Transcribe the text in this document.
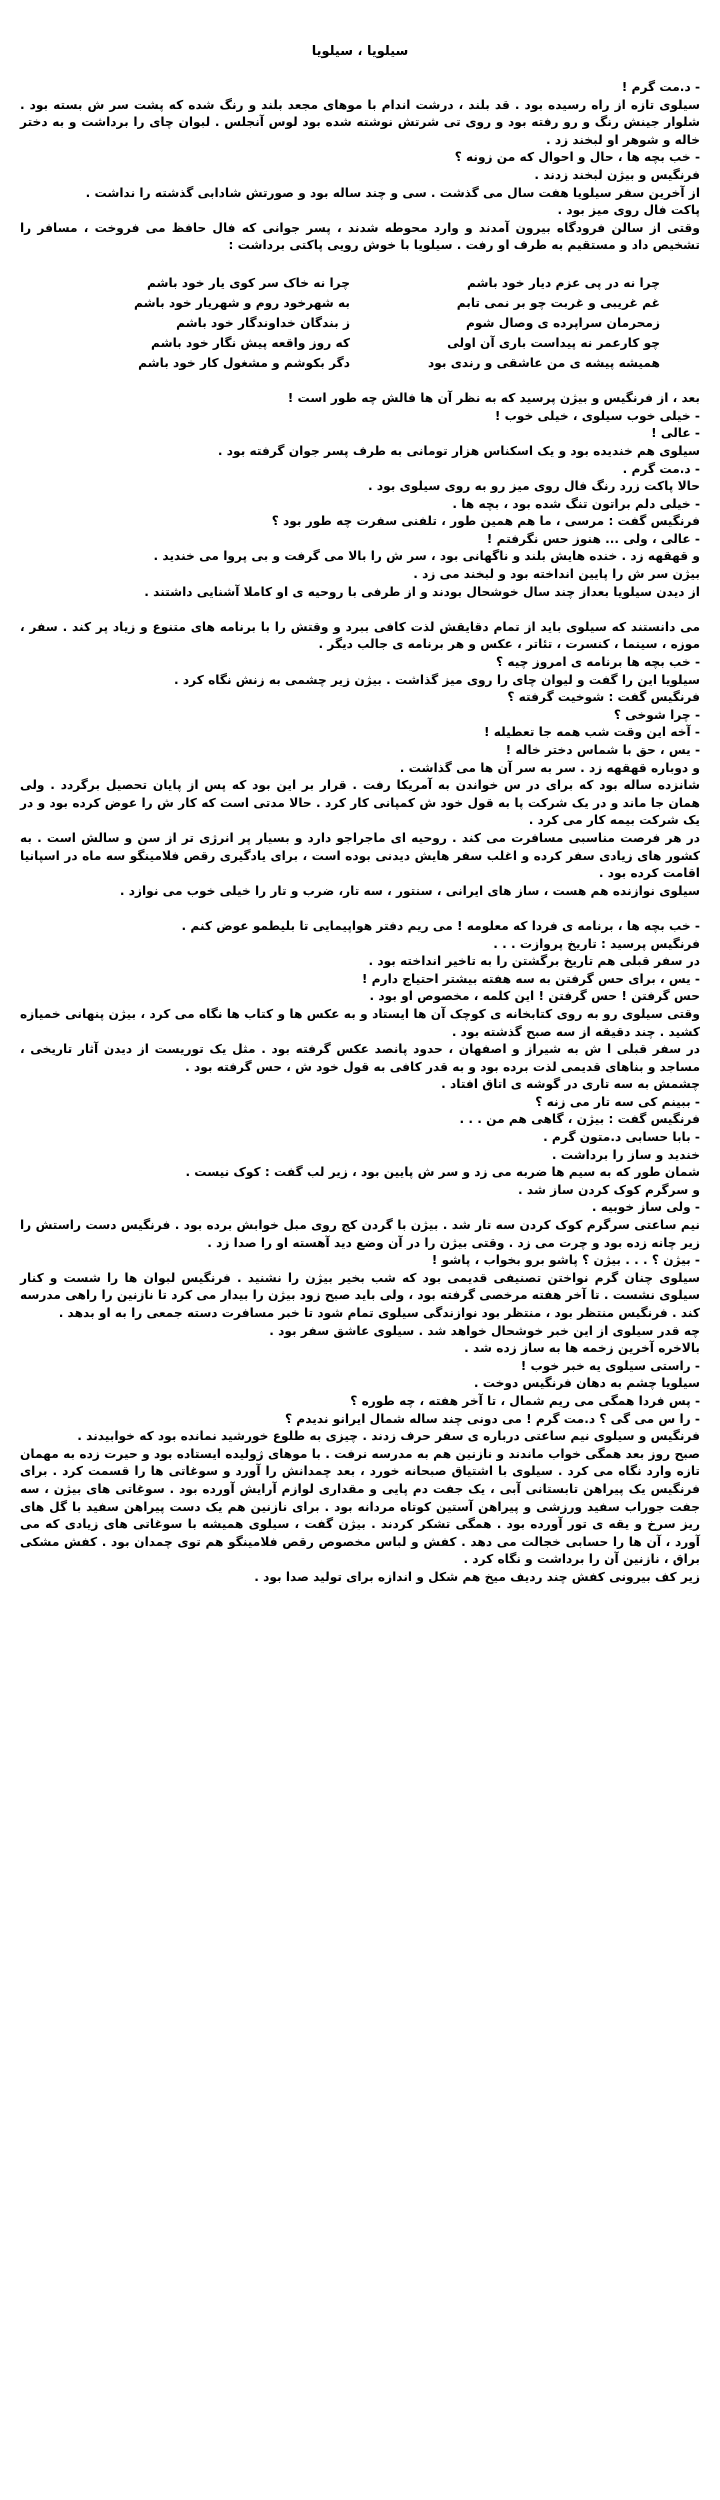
سیلویا ، سیلویا

- د.مت گرم !

سیلوی تازه از راه رسیده بود . قد بلند ، درشت اندام با موهای مجعد بلند و رنگ شده که پشت سر ش بسته بود . شلوار جینش رنگ و رو رفته بود و روی تی شرتش نوشته شده بود لوس آنجلس . لبوان چای را برداشت و به دختر خاله و شوهر او لبخند زد .

- خب بچه ها ، حال و احوال که من زونه ؟

فرنگیس و بیژن لبخند زدند .

از آخرین سفر سیلویا هفت سال می گذشت . سی و چند ساله بود و صورتش شادابی گذشته را نداشت .

پاکت فال روی میز بود .

وقتی از سالن فرودگاه بیرون آمدند و وارد محوطه شدند ، پسر جوانی که فال حافظ می فروخت ، مسافر را تشخیص داد و مستقیم به طرف او رفت . سیلویا با خوش رویی پاکتی برداشت :

چرا نه در پی عزم دیار خود باشم
چرا نه خاک سر کوی یار خود باشم
غم غریبی و غربت چو بر نمی تابم
به شهرخود روم و شهریار خود باشم
زمحرمان سراپرده ی وصال شوم
ز بندگان خداوندگار خود باشم
چو کارعمر نه پیداست باری آن اولی
که روز واقعه پیش نگار خود باشم
همیشه پیشه ی من عاشقی و رندی بود
دگر بکوشم و مشغول کار خود باشم

بعد ، از فرنگیس و بیژن پرسید که به نظر آن ها فالش چه طور است !

- خیلی خوب سیلوی ، خیلی خوب !

- عالی !

سیلوی هم خندیده بود و یک اسکناس هزار تومانی به طرف پسر جوان گرفته بود .

- د.مت گرم .

حالا پاکت زرد رنگ فال روی میز رو به روی سیلوی بود .

- خیلی دلم براتون تنگ شده بود ، بچه ها .

فرنگیس گفت : مرسی ، ما هم همین طور ، تلفنی سفرت چه طور بود ؟

- عالی ، ولی ... هنوز حس نگرفتم !

و قهقهه زد . خنده هایش بلند و ناگهانی بود ، سر ش را بالا می گرفت و بی پروا می خندید .

بیژن سر ش را پایین انداخته بود و لبخند می زد .

از دیدن سیلویا بعداز چند سال خوشحال بودند و از طرفی با روحیه ی او کاملا آشنایی داشتند .

می دانستند که سیلوی باید از تمام دقایقش لذت کافی ببرد و وقتش را با برنامه های متنوع و زیاد پر کند . سفر ، موزه ، سینما ، کنسرت ، تئاتر ، عکس و هر برنامه ی جالب دیگر .

- خب بچه ها برنامه ی امروز چیه ؟

سیلویا این را گفت و لیوان چای را روی میز گذاشت . بیژن زیر چشمی به زنش نگاه کرد .

فرنگیس گفت : شوخیت گرفته ؟

- چرا شوخی ؟

- آخه این وقت شب همه جا تعطیله !

- یس ، حق با شماس دختر خاله !

و دوباره قهقهه زد . سر به سر آن ها می گذاشت .

شانزده ساله بود که برای در س خواندن به آمریکا رفت . قرار بر این بود که پس از پایان تحصیل برگردد . ولی همان جا ماند و در یک شرکت پا به قول خود ش کمپانی کار کرد . حالا مدتی است که کار ش را عوض کرده بود و در یک شرکت بیمه کار می کرد .

در هر فرصت مناسبی مسافرت می کند . روحیه ای ماجراجو دارد و بسیار پر انرژی تر از سن و سالش است . به کشور های زیادی سفر کرده و اغلب سفر هایش دیدنی بوده است ، برای یادگیری رقص فلامینگو سه ماه در اسپانیا اقامت کرده بود .

سیلوی نوازنده هم هست ، ساز های ایرانی ، سنتور ، سه تار، ضرب و تار را خیلی خوب می نوازد .

- خب بچه ها ، برنامه ی فردا که معلومه ! می ریم دفتر هواپیمایی تا بلیطمو عوض کنم .

فرنگیس پرسید : تاریخ پروازت . . .

در سفر قبلی هم تاریخ برگشتن را به تاخیر انداخته بود .

- یس ، برای حس گرفتن به سه هفته بیشتر احتیاج دارم !

حس گرفتن ! حس گرفتن ! این کلمه ، مخصوص او بود .

وقتی سیلوی رو به روی کتابخانه ی کوچک آن ها ایستاد و به عکس ها و کتاب ها نگاه می کرد ، بیژن پنهانی خمیازه کشید . چند دقیقه از سه صبح گذشته بود .

در سفر قبلی ا ش به شیراز و اصفهان ، حدود پانصد عکس گرفته بود . مثل یک توریست از دیدن آثار تاریخی ، مساجد و بناهای قدیمی لذت برده بود و به قدر کافی به قول خود ش ، حس گرفته بود .

چشمش به سه تاری در گوشه ی اتاق افتاد .

- ببینم کی سه تار می زنه ؟

فرنگیس گفت : بیژن ، گاهی هم من . . .

- بابا حسابی د.متون گرم .

خندید و ساز را برداشت .

شمان طور که به سیم ها ضربه می زد و سر ش پایین بود ، زیر لب گفت : کوک نیست .

و سرگرم کوک کردن ساز شد .

- ولی ساز خوبیه .

نیم ساعتی سرگرم کوک کردن سه تار شد . بیژن با گردن کج روی مبل خوابش برده بود . فرنگیس دست راستش را زیر چانه زده بود و چرت می زد . وقتی بیژن را در آن وضع دید آهسته او را صدا زد .

- بیژن ؟ . . . بیژن ؟ پاشو برو بخواب ، پاشو !

سیلوی چنان گرم نواختن تصنیفی قدیمی بود که شب بخیر بیژن را نشنید . فرنگیس لبوان ها را شست و کنار سیلوی نشست . تا آخر هفته مرخصی گرفته بود ، ولی باید صبح زود بیژن را بیدار می کرد تا نازنین را راهی مدرسه کند . فرنگیس منتظر بود ، منتظر بود نوازندگی سیلوی تمام شود تا خبر مسافرت دسته جمعی را به او بدهد .

چه قدر سیلوی از این خبر خوشحال خواهد شد . سیلوی عاشق سفر بود .

بالاخره آخرین زخمه ها به ساز زده شد .

- راستی سیلوی یه خبر خوب !

سیلویا چشم به دهان فرنگیس دوخت .

- پس فردا همگی می ریم شمال ، تا آخر هفته ، چه طوره ؟

- را س می گی ؟ د.مت گرم ! می دونی چند ساله شمال ایرانو ندیدم ؟

فرنگیس و سیلوی نیم ساعتی درباره ی سفر حرف زدند . چیزی به طلوع خورشید نمانده بود که خوابیدند .

صبح روز بعد همگی خواب ماندند و نازنین هم به مدرسه نرفت . با موهای ژولیده ایستاده بود و حیرت زده به مهمان تازه وارد نگاه می کرد . سیلوی با اشتیاق صبحانه خورد ، بعد چمدانش را آورد و سوغاتی ها را قسمت کرد . برای فرنگیس یک پیراهن تابستانی آبی ، یک جفت دم پایی و مقداری لوازم آرایش آورده بود . سوغاتی های بیژن ، سه جفت جوراب سفید ورزشی و پیراهن آستین کوتاه مردانه بود . برای نازنین هم یک دست پیراهن سفید با گل های ریز سرخ و یقه ی تور آورده بود . همگی تشکر کردند . بیژن گفت ، سیلوی همیشه با سوغاتی های زیادی که می آورد ، آن ها را حسابی خجالت می دهد . کفش و لباس مخصوص رقص فلامینگو هم توی چمدان بود . کفش مشکی براق ، نازنین آن را برداشت و نگاه کرد .

زیر کف بیرونی کفش چند ردیف میخ هم شکل و اندازه برای تولید صدا بود .
